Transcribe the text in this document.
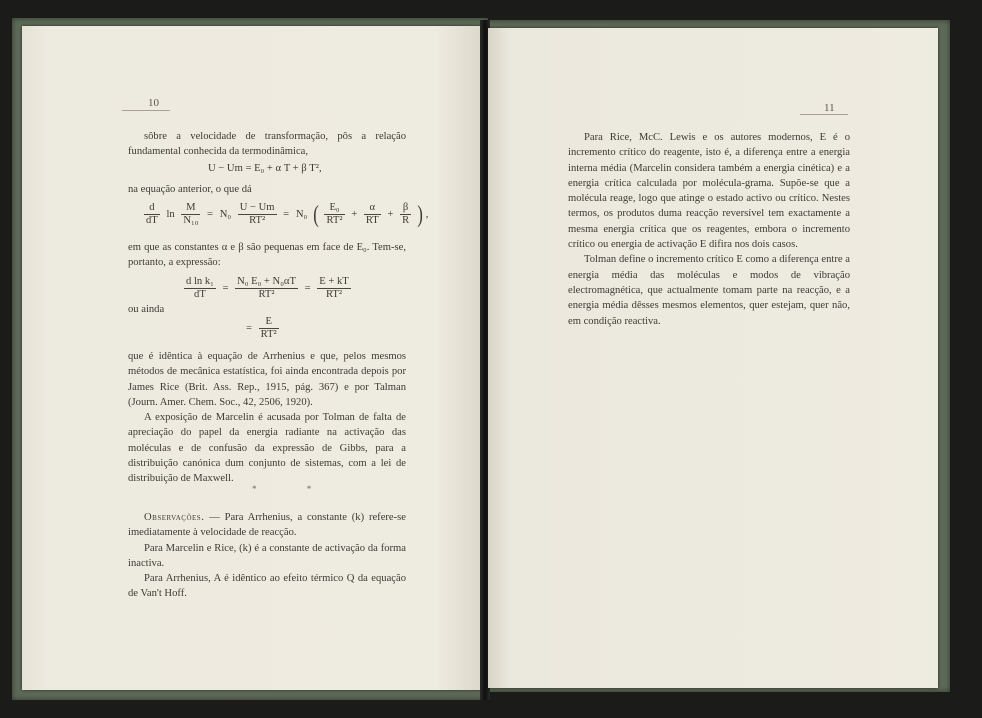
10

sôbre a velocidade de transformação, pôs a relação fundamental conhecida da termodinâmica,

U − Um = E₀ + α T + β T²,

na equação anterior, o que dá

$\frac{d}{dT}$ $\ln \frac{M}{\text{N₁₀}} = N_0 \frac{U - Um}{\text{RT²}} = N_0$ ( $\frac{\text{E₀}}{\text{RT²}} + \frac{\alpha}{RT} + \frac{\beta}{R}$ ) ,

em que as constantes α e β são pequenas em face de E₀. Tem-se, portanto, a expressão:

$\frac{\text{d ln k₁}}{dT} = \frac{\text{N₀ E₀ + N₀αT}}{\text{RT²}} = \frac{E + kT}{\text{RT²}}$

ou ainda

= $\frac{E}{\text{RT²}}$

que é idêntica à equação de Arrhenius e que, pelos mesmos métodos de mecânica estatística, foi ainda encontrada depois por James Rice (Brit. Ass. Rep., 1915, pág. 367) e por Talman (Journ. Amer. Chem. Soc., 42, 2506, 1920).

A exposição de Marcelin é acusada por Tolman de falta de apreciação do papel da energia radiante na activação das moléculas e de confusão da expressão de Gibbs, para a distribuição canónica dum conjunto de sistemas, com a lei de distribuição de Maxwell.

* *

Observações. — Para Arrhenius, a constante (k) refere-se imediatamente à velocidade de reacção.

Para Marcelin e Rice, (k) é a constante de activação da forma inactiva.

Para Arrhenius, A é idêntico ao efeito térmico Q da equação de Van't Hoff.

11

Para Rice, McC. Lewis e os autores modernos, E é o incremento crítico do reagente, isto é, a diferença entre a energia interna média (Marcelin considera também a energia cinética) e a energia crítica calculada por molécula-grama. Supõe-se que a molécula reage, logo que atinge o estado activo ou crítico. Nestes termos, os produtos duma reacção reversível tem exactamente a mesma energia crítica que os reagentes, embora o incremento crítico ou energia de activação E difira nos dois casos.

Tolman define o incremento crítico E como a diferença entre a energia média das moléculas e modos de vibração electromagnética, que actualmente tomam parte na reacção, e a energia média dêsses mesmos elementos, quer estejam, quer não, em condição reactiva.
